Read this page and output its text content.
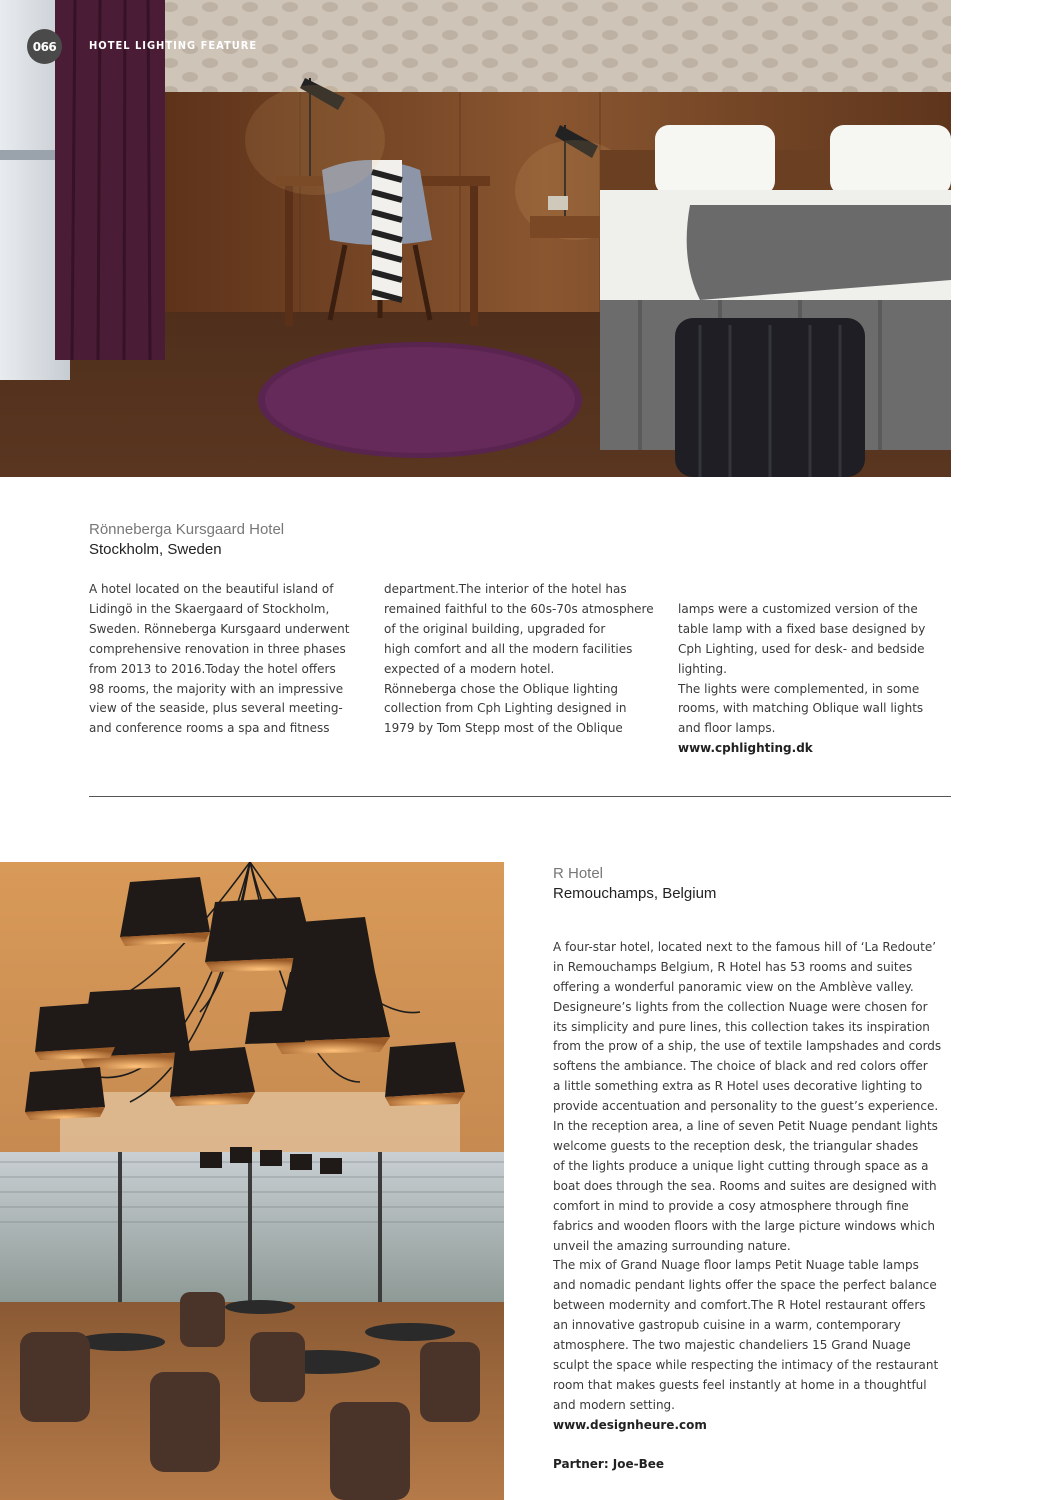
066	HOTEL LIGHTING FEATURE
Rönneberga Kursgaard Hotel
Stockholm, Sweden
A hotel located on the beautiful island of
Lidingö in the Skaergaard of Stockholm,
Sweden. Rönneberga Kursgaard underwent
comprehensive renovation in three phases
from 2013 to 2016.Today the hotel offers
98 rooms, the majority with an impressive
view of the seaside, plus several meeting-
and conference rooms a spa and fitness
department.The interior of the hotel has
remained faithful to the 60s-70s atmosphere
of the original building, upgraded for
high comfort and all the modern facilities
expected of a modern hotel.
Rönneberga chose the Oblique lighting
collection from Cph Lighting designed in
1979 by Tom Stepp most of the Oblique

lamps were a customized version of the
table lamp with a fixed base designed by
Cph Lighting, used for desk- and bedside
lighting.
The lights were complemented, in some
rooms, with matching Oblique wall lights
and floor lamps.

www.cphlighting.dk

R Hotel
Remouchamps, Belgium

A four-star hotel, located next to the famous hill of ‘La Redoute’
in Remouchamps Belgium, R Hotel has 53 rooms and suites
offering a wonderful panoramic view on the Amblève valley.
Designeure’s lights from the collection Nuage were chosen for
its simplicity and pure lines, this collection takes its inspiration
from the prow of a ship, the use of textile lampshades and cords
softens the ambiance. The choice of black and red colors offer
a little something extra as R Hotel uses decorative lighting to
provide accentuation and personality to the guest’s experience.
In the reception area, a line of seven Petit Nuage pendant lights
welcome guests to the reception desk, the triangular shades
of the lights produce a unique light cutting through space as a
boat does through the sea. Rooms and suites are designed with
comfort in mind to provide a cosy atmosphere through fine
fabrics and wooden floors with the large picture windows which
unveil the amazing surrounding nature.
The mix of Grand Nuage floor lamps Petit Nuage table lamps
and nomadic pendant lights offer the space the perfect balance
between modernity and comfort.The R Hotel restaurant offers
an innovative gastropub cuisine in a warm, contemporary
atmosphere. The two majestic chandeliers 15 Grand Nuage
sculpt the space while respecting the intimacy of the restaurant
room that makes guests feel instantly at home in a thoughtful
and modern setting.

www.designheure.com

Partner: Joe-Bee
